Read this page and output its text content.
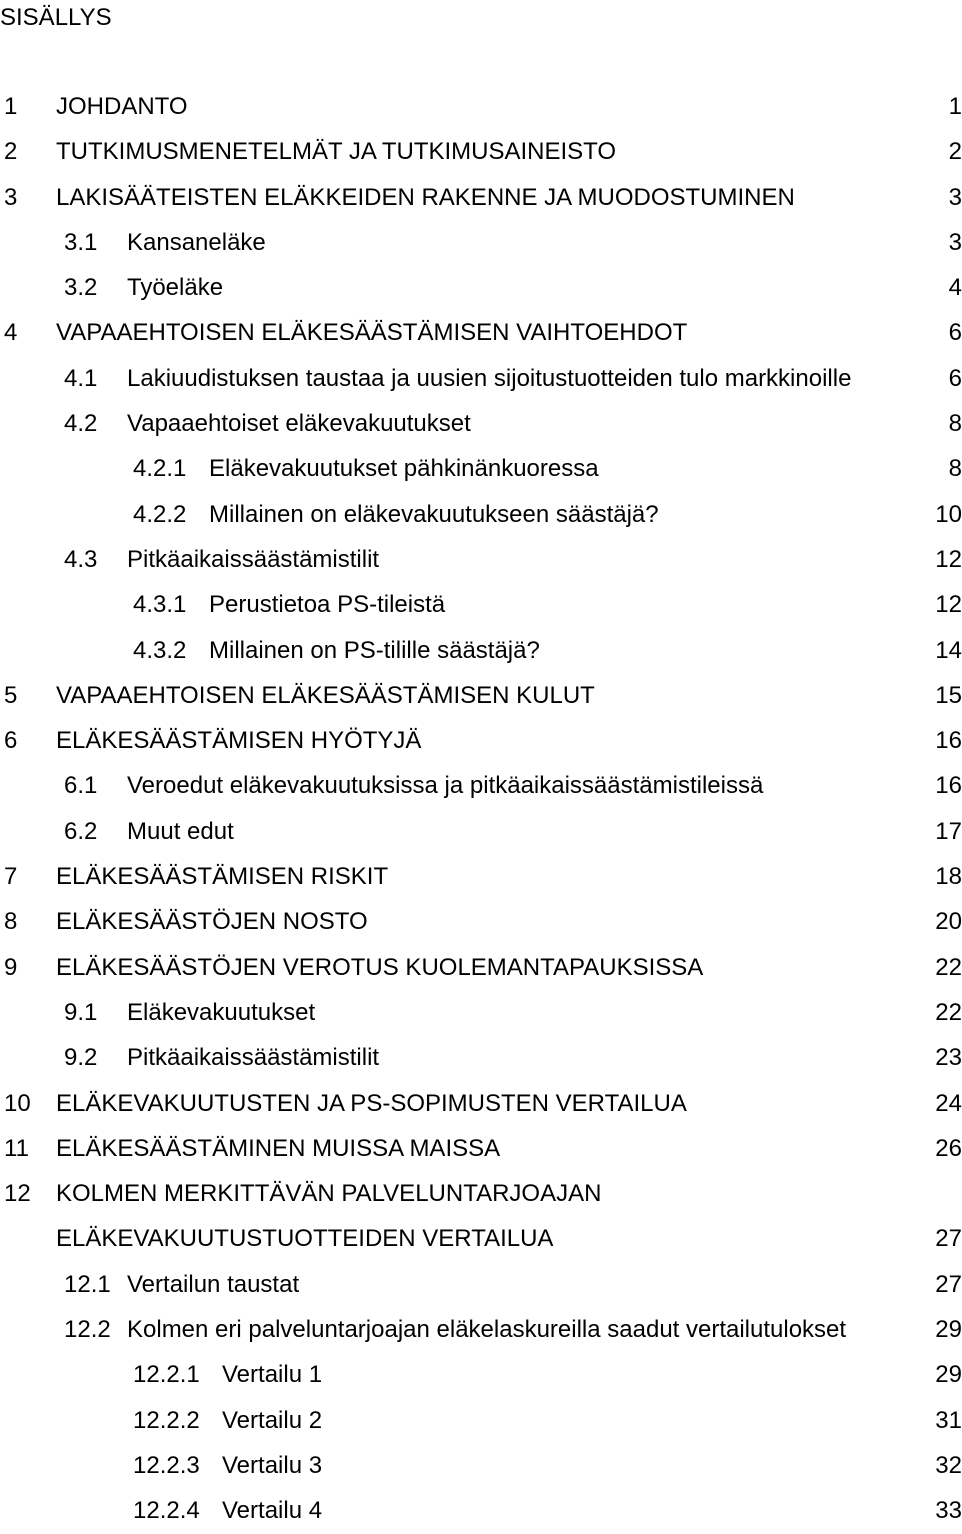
SISÄLLYS
1 JOHDANTO	1
2 TUTKIMUSMENETELMÄT JA TUTKIMUSAINEISTO	2
3 LAKISÄÄTEISTEN ELÄKKEIDEN RAKENNE JA MUODOSTUMINEN	3
3.1 Kansaneläke	3
3.2 Työeläke	4
4 VAPAAEHTOISEN ELÄKESÄÄSTÄMISEN VAIHTOEHDOT	6
4.1 Lakiuudistuksen taustaa ja uusien sijoitustuotteiden tulo markkinoille	6
4.2 Vapaaehtoiset eläkevakuutukset	8
4.2.1 Eläkevakuutukset pähkinänkuoressa	8
4.2.2 Millainen on eläkevakuutukseen säästäjä?	10
4.3 Pitkäaikaissäästämistilit	12
4.3.1 Perustietoa PS-tileistä	12
4.3.2 Millainen on PS-tilille säästäjä?	14
5 VAPAAEHTOISEN ELÄKESÄÄSTÄMISEN KULUT	15
6 ELÄKESÄÄSTÄMISEN HYÖTYJÄ	16
6.1 Veroedut eläkevakuutuksissa ja pitkäaikaissäästämistileissä	16
6.2 Muut edut	17
7 ELÄKESÄÄSTÄMISEN RISKIT	18
8 ELÄKESÄÄSTÖJEN NOSTO	20
9 ELÄKESÄÄSTÖJEN VEROTUS KUOLEMANTAPAUKSISSA	22
9.1 Eläkevakuutukset	22
9.2 Pitkäaikaissäästämistilit	23
10 ELÄKEVAKUUTUSTEN JA PS-SOPIMUSTEN VERTAILUA	24
11 ELÄKESÄÄSTÄMINEN MUISSA MAISSA	26
12 KOLMEN MERKITTÄVÄN PALVELUNTARJOAJAN
ELÄKEVAKUUTUSTUOTTEIDEN VERTAILUA	27
12.1 Vertailun taustat	27
12.2 Kolmen eri palveluntarjoajan eläkelaskureilla saadut vertailutulokset	29
12.2.1 Vertailu 1	29
12.2.2 Vertailu 2	31
12.2.3 Vertailu 3	32
12.2.4 Vertailu 4	33
